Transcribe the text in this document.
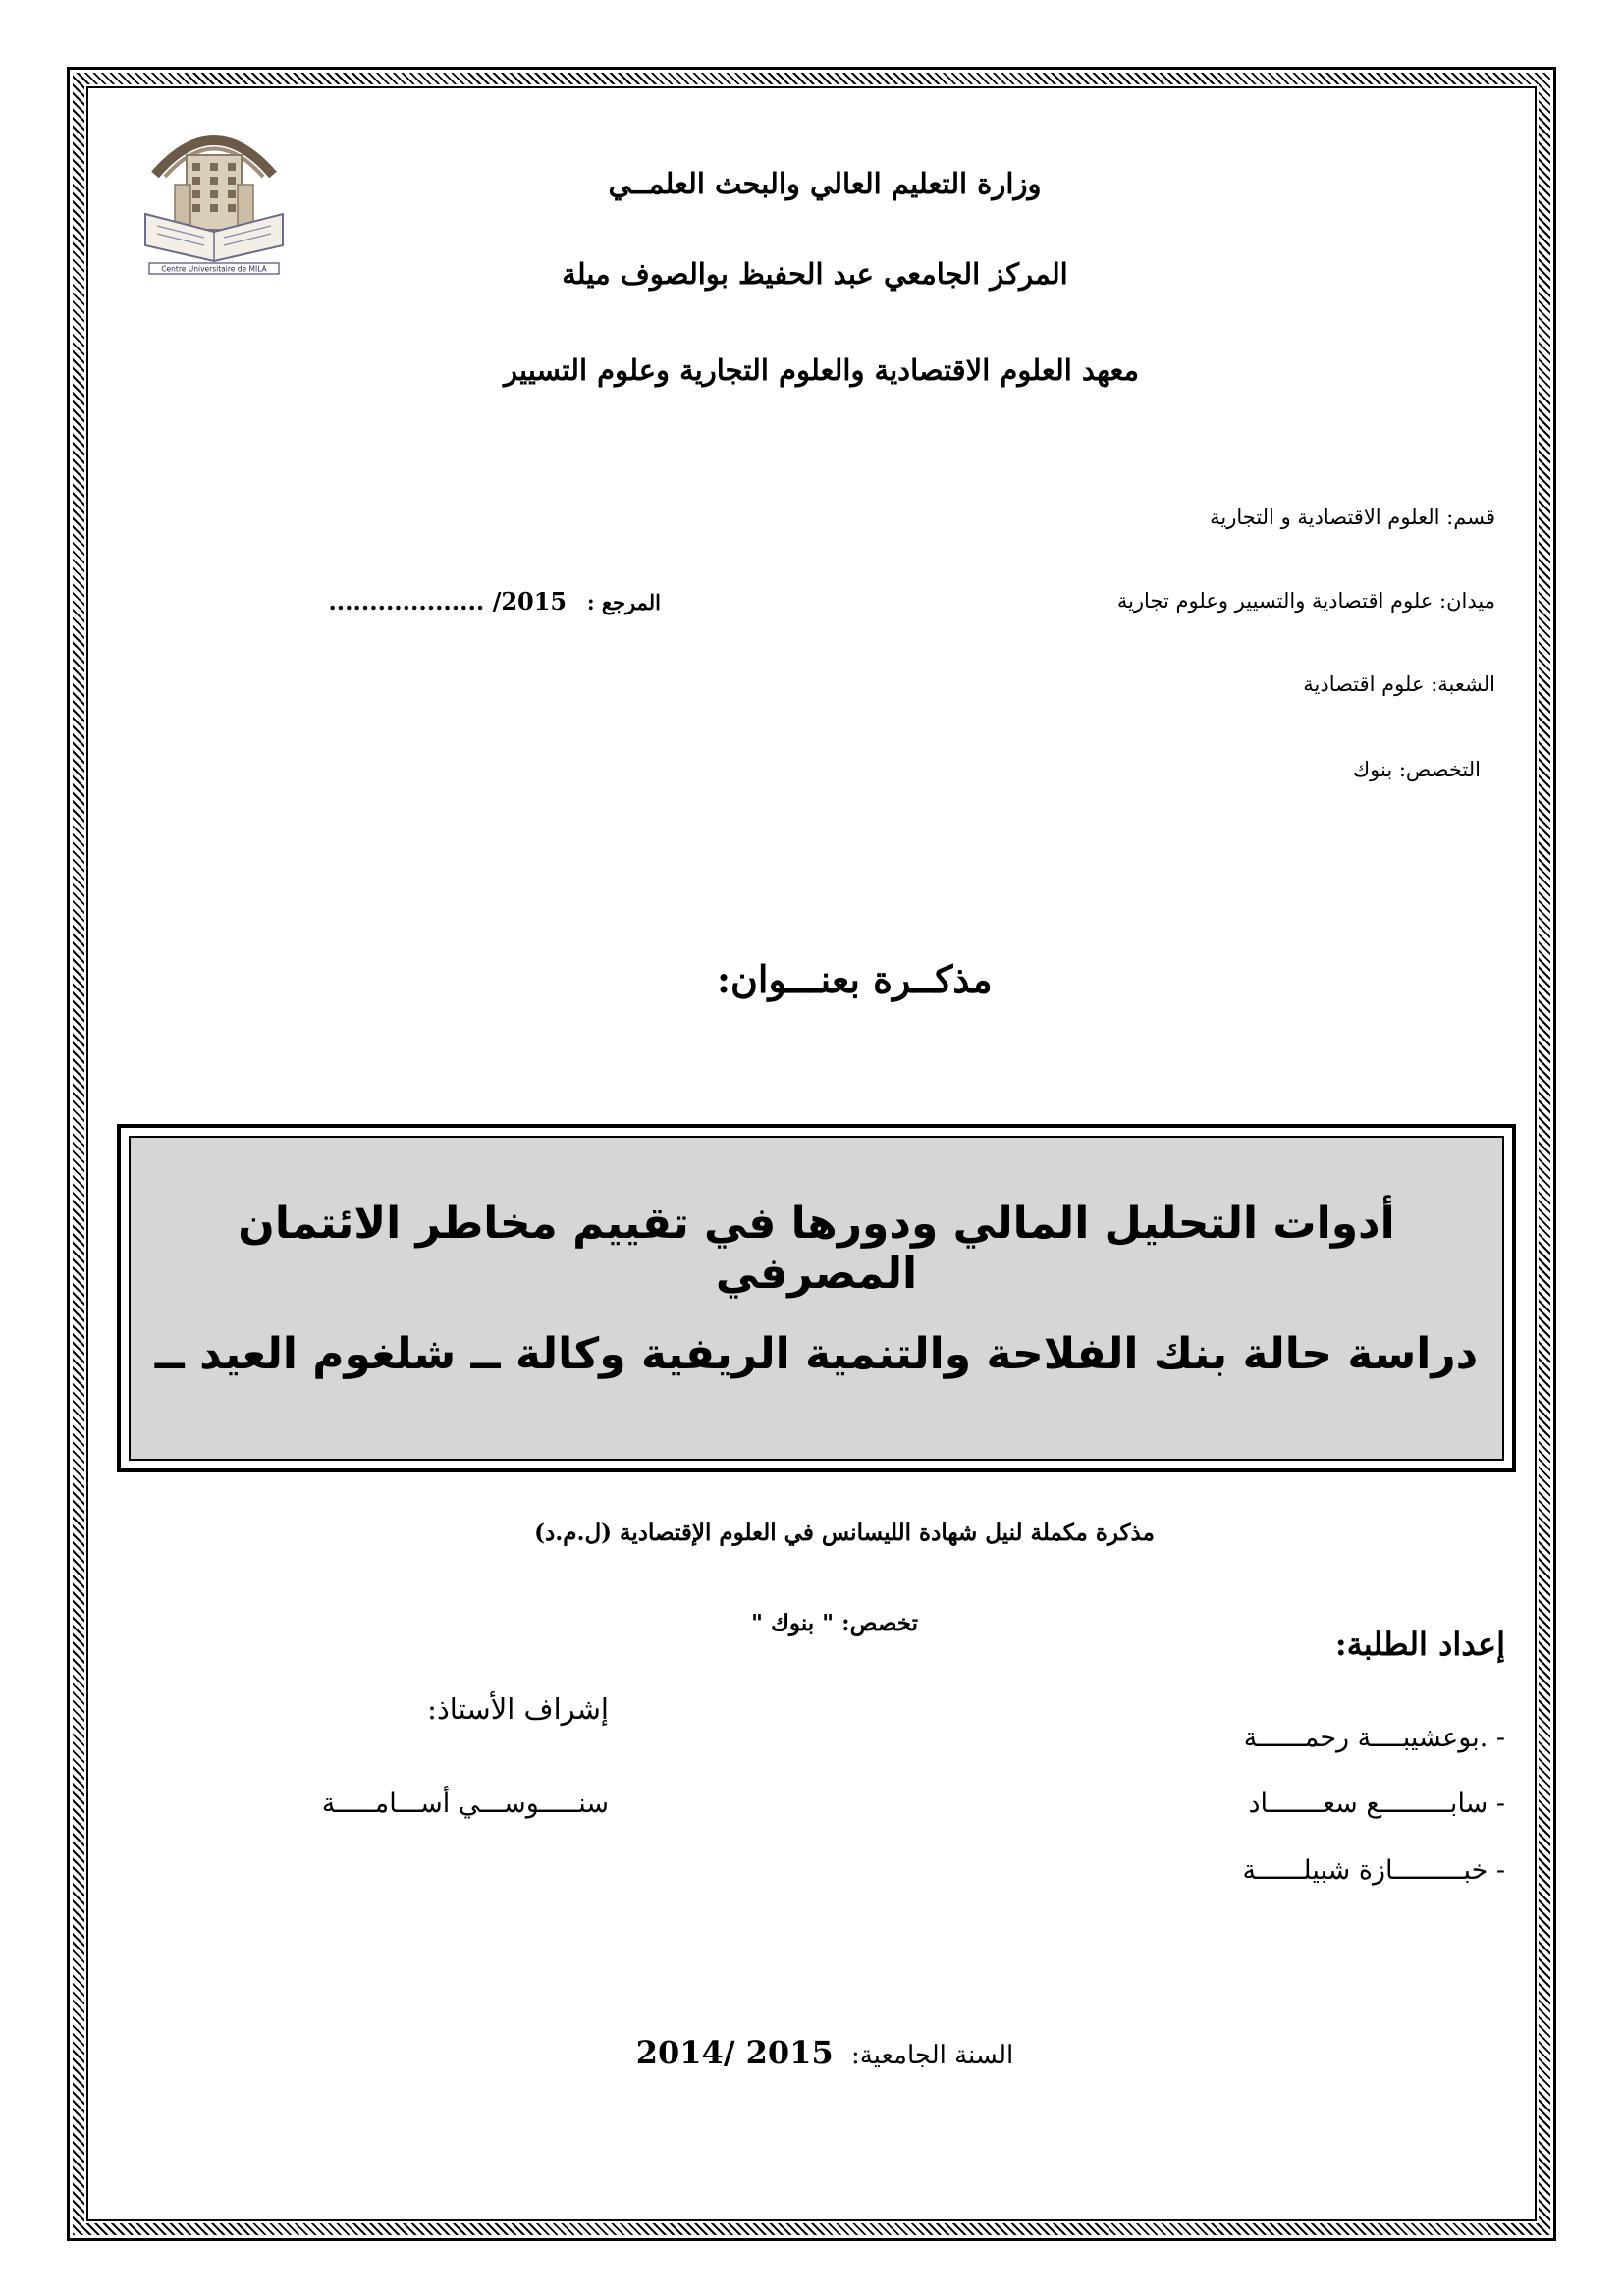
Centre Universitaire de MILA
وزارة التعليم العالي والبحث العلمــي
المركز الجامعي عبد الحفيظ بوالصوف ميلة
معهد العلوم الاقتصادية والعلوم التجارية وعلوم التسيير
قسم: العلوم الاقتصادية و التجارية
ميدان: علوم اقتصادية والتسيير وعلوم تجارية
المرجع : ................... /2015
الشعبة: علوم اقتصادية
التخصص: بنوك
مذكــرة بعنـــوان:
أدوات التحليل المالي ودورها في تقييم مخاطر الائتمان المصرفي
دراسة حالة بنك الفلاحة والتنمية الريفية وكالة ــ شلغوم العيد ــ
مذكرة مكملة لنيل شهادة الليسانس في العلوم الإقتصادية (ل.م.د)
تخصص: " بنوك "
إعداد الطلبة:
- .بوعشيبــــة رحمــــــة
- سابـــــــــع سعـــــــاد
- خبـــــــــازة شبيلــــــة
إشراف الأستاذ:
سنـــــوســـي أســـامـــــة
السنة الجامعية: 2014/ 2015
